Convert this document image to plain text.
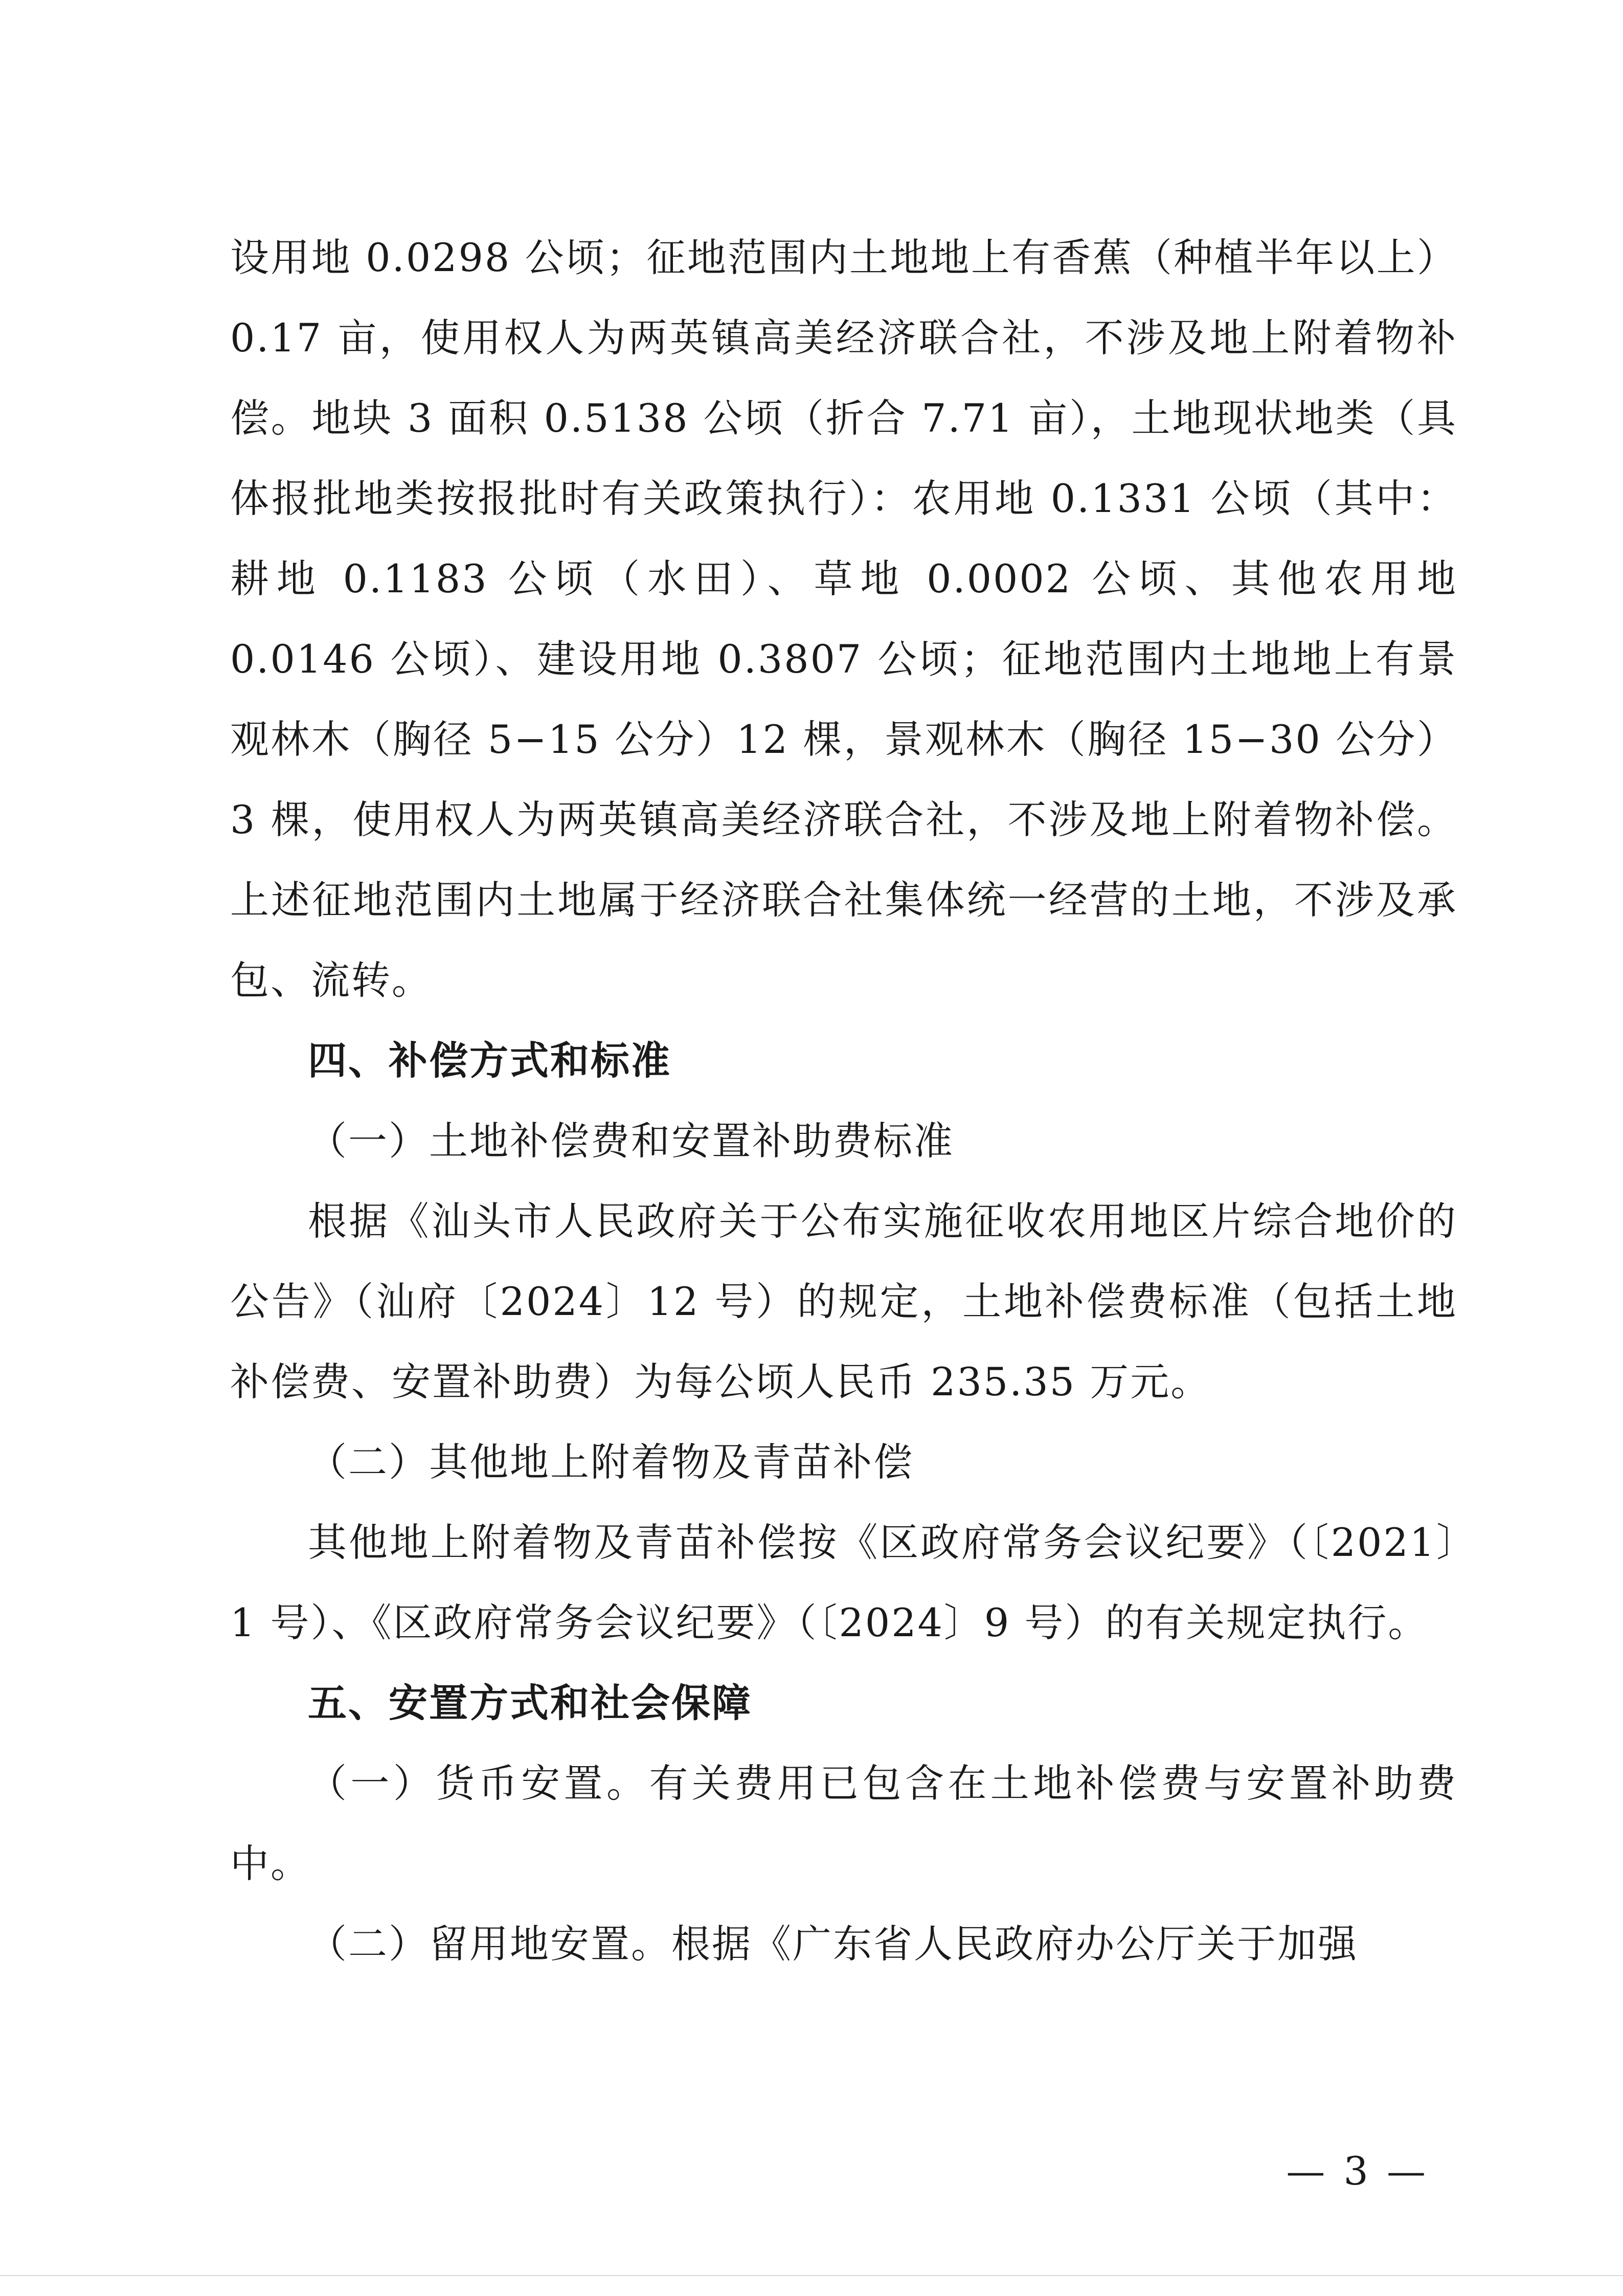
设用地 0.0298 公顷；征地范围内土地地上有香蕉（种植半年以上）0.17 亩，使用权人为两英镇高美经济联合社，不涉及地上附着物补偿。地块 3 面积 0.5138 公顷（折合 7.71 亩），土地现状地类（具体报批地类按报批时有关政策执行）：农用地 0.1331 公顷（其中：耕地 0.1183 公顷（水田）、草地 0.0002 公顷、其他农用地 0.0146 公顷）、建设用地 0.3807 公顷；征地范围内土地地上有景观林木（胸径 5−15 公分）12 棵，景观林木（胸径 15−30 公分）3 棵，使用权人为两英镇高美经济联合社，不涉及地上附着物补偿。上述征地范围内土地属于经济联合社集体统一经营的土地，不涉及承包、流转。

四、补偿方式和标准

（一）土地补偿费和安置补助费标准

根据《汕头市人民政府关于公布实施征收农用地区片综合地价的公告》（汕府〔2024〕12 号）的规定，土地补偿费标准（包括土地补偿费、安置补助费）为每公顷人民币 235.35 万元。

（二）其他地上附着物及青苗补偿

其他地上附着物及青苗补偿按《区政府常务会议纪要》（〔2021〕1 号）、《区政府常务会议纪要》（〔2024〕9 号）的有关规定执行。

五、安置方式和社会保障

（一）货币安置。有关费用已包含在土地补偿费与安置补助费中。

（二）留用地安置。根据《广东省人民政府办公厅关于加强

— 3 —
